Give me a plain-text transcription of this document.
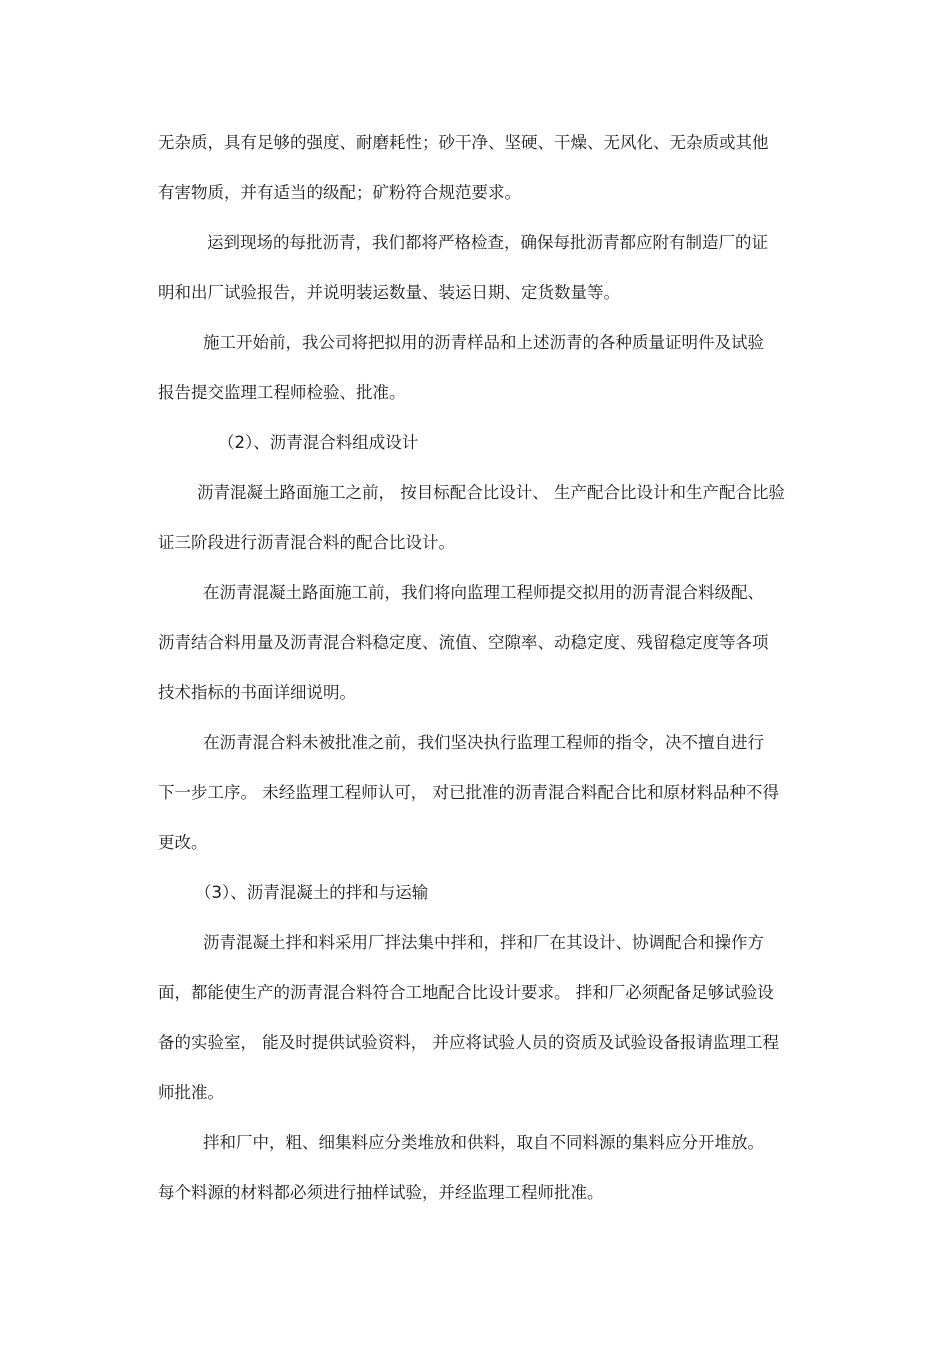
无杂质，具有足够的强度、耐磨耗性；砂干净、坚硬、干燥、无风化、无杂质或其他

有害物质，并有适当的级配；矿粉符合规范要求。

运到现场的每批沥青，我们都将严格检查，确保每批沥青都应附有制造厂的证

明和出厂试验报告，并说明装运数量、装运日期、定货数量等。

施工开始前，我公司将把拟用的沥青样品和上述沥青的各种质量证明件及试验

报告提交监理工程师检验、批准。

（2）、沥青混合料组成设计

沥青混凝土路面施工之前， 按目标配合比设计、 生产配合比设计和生产配合比验

证三阶段进行沥青混合料的配合比设计。

在沥青混凝土路面施工前，我们将向监理工程师提交拟用的沥青混合料级配、

沥青结合料用量及沥青混合料稳定度、流值、空隙率、动稳定度、残留稳定度等各项

技术指标的书面详细说明。

在沥青混合料未被批准之前，我们坚决执行监理工程师的指令，决不擅自进行

下一步工序。 未经监理工程师认可， 对已批准的沥青混合料配合比和原材料品种不得

更改。

（3）、沥青混凝土的拌和与运输

沥青混凝土拌和料采用厂拌法集中拌和，拌和厂在其设计、协调配合和操作方

面，都能使生产的沥青混合料符合工地配合比设计要求。 拌和厂必须配备足够试验设

备的实验室， 能及时提供试验资料， 并应将试验人员的资质及试验设备报请监理工程

师批准。

拌和厂中，粗、细集料应分类堆放和供料，取自不同料源的集料应分开堆放。

每个料源的材料都必须进行抽样试验，并经监理工程师批准。
